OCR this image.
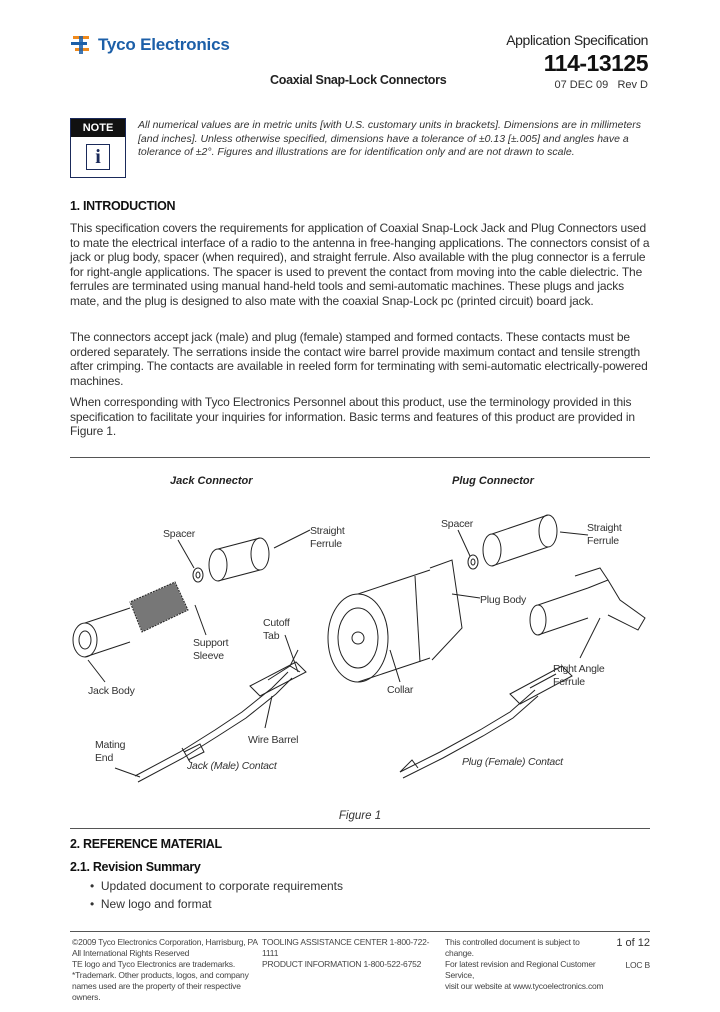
Tyco Electronics	Application Specification
114-13125
07 DEC 09 Rev D
Coaxial Snap-Lock Connectors
NOTE
i
All numerical values are in metric units [with U.S. customary units in brackets]. Dimensions are in millimeters [and inches]. Unless otherwise specified, dimensions have a tolerance of ±0.13 [±.005] and angles have a tolerance of ±2°. Figures and illustrations are for identification only and are not drawn to scale.
1. INTRODUCTION
This specification covers the requirements for application of Coaxial Snap-Lock Jack and Plug Connectors used to mate the electrical interface of a radio to the antenna in free-hanging applications. The connectors consist of a jack or plug body, spacer (when required), and straight ferrule. Also available with the plug connector is a ferrule for right-angle applications. The spacer is used to prevent the contact from moving into the cable dielectric. The ferrules are terminated using manual hand-held tools and semi-automatic machines. These plugs and jacks mate, and the plug is designed to also mate with the coaxial Snap-Lock pc (printed circuit) board jack.
The connectors accept jack (male) and plug (female) stamped and formed contacts. These contacts must be ordered separately. The serrations inside the contact wire barrel provide maximum contact and tensile strength after crimping. The contacts are available in reeled form for terminating with semi-automatic electrically-powered machines.
When corresponding with Tyco Electronics Personnel about this product, use the terminology provided in this specification to facilitate your inquiries for information. Basic terms and features of this product are provided in Figure 1.
Jack Connector	Plug Connector
Spacer	Straight
Ferrule
Support
Sleeve
Jack Body
Cutoff
Tab
Wire Barrel
Mating
End
Jack (Male) Contact
Spacer	Straight
Ferrule
Plug Body
Collar
Right Angle
Ferrule
Plug (Female) Contact
Figure 1
2. REFERENCE MATERIAL
2.1. Revision Summary
•  Updated document to corporate requirements
•  New logo and format
©2009 Tyco Electronics Corporation, Harrisburg, PA
All International Rights Reserved
TE logo and Tyco Electronics are trademarks.
*Trademark. Other products, logos, and company names used are the property of their respective owners.
TOOLING ASSISTANCE CENTER 1-800-722-1111
PRODUCT INFORMATION 1-800-522-6752
This controlled document is subject to change.
For latest revision and Regional Customer Service,
visit our website at www.tycoelectronics.com
1 of 12
LOC B
